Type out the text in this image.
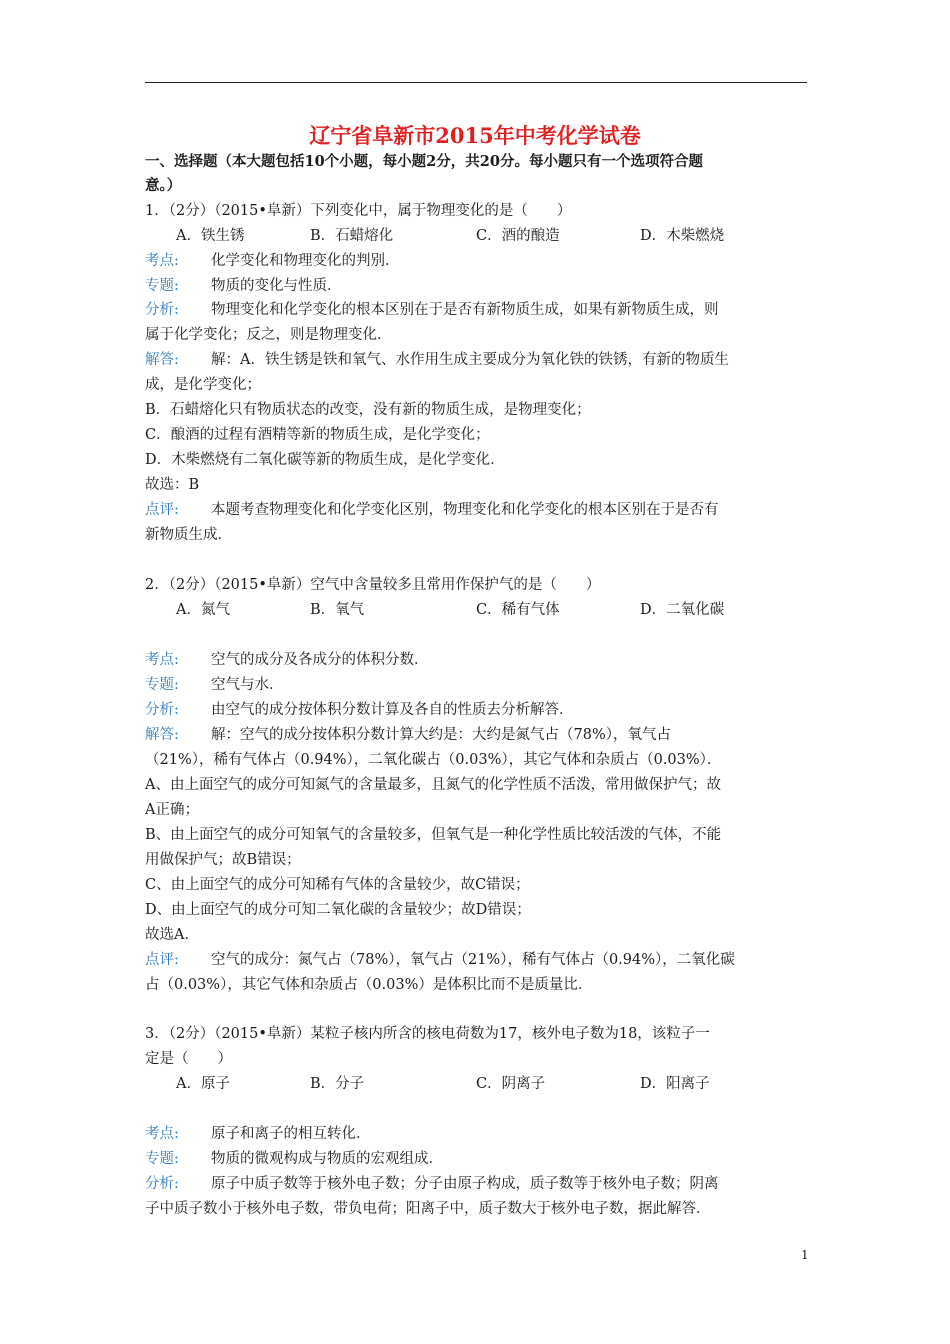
辽宁省阜新市2015年中考化学试卷
一、选择题（本大题包括10个小题，每小题2分，共20分。每小题只有一个选项符合题
意。）
1．（2分）（2015•阜新）下列变化中，属于物理变化的是（　　）
A．铁生锈	B．石蜡熔化	C．酒的酿造	D．木柴燃烧
考点: 化学变化和物理变化的判别．
专题: 物质的变化与性质．
分析: 物理变化和化学变化的根本区别在于是否有新物质生成，如果有新物质生成，则
属于化学变化；反之，则是物理变化．
解答: 解：A．铁生锈是铁和氧气、水作用生成主要成分为氧化铁的铁锈，有新的物质生
成，是化学变化；
B．石蜡熔化只有物质状态的改变，没有新的物质生成，是物理变化；
C．酿酒的过程有酒精等新的物质生成，是化学变化；
D．木柴燃烧有二氧化碳等新的物质生成，是化学变化．
故选：B
点评: 本题考查物理变化和化学变化区别，物理变化和化学变化的根本区别在于是否有
新物质生成．
2．（2分）（2015•阜新）空气中含量较多且常用作保护气的是（　　）
A．氮气	B．氧气	C．稀有气体	D．二氧化碳
考点: 空气的成分及各成分的体积分数．
专题: 空气与水．
分析: 由空气的成分按体积分数计算及各自的性质去分析解答．
解答: 解：空气的成分按体积分数计算大约是：大约是氮气占（78%），氧气占
（21%），稀有气体占（0.94%），二氧化碳占（0.03%），其它气体和杂质占（0.03%）．
A、由上面空气的成分可知氮气的含量最多，且氮气的化学性质不活泼，常用做保护气；故
A正确；
B、由上面空气的成分可知氧气的含量较多，但氧气是一种化学性质比较活泼的气体，不能
用做保护气；故B错误；
C、由上面空气的成分可知稀有气体的含量较少，故C错误；
D、由上面空气的成分可知二氧化碳的含量较少；故D错误；
故选A．
点评: 空气的成分：氮气占（78%），氧气占（21%），稀有气体占（0.94%），二氧化碳
占（0.03%），其它气体和杂质占（0.03%）是体积比而不是质量比．
3．（2分）（2015•阜新）某粒子核内所含的核电荷数为17，核外电子数为18，该粒子一
定是（　　）
A．原子	B．分子	C．阴离子	D．阳离子
考点: 原子和离子的相互转化．
专题: 物质的微观构成与物质的宏观组成．
分析: 原子中质子数等于核外电子数；分子由原子构成，质子数等于核外电子数；阴离
子中质子数小于核外电子数，带负电荷；阳离子中，质子数大于核外电子数，据此解答．
1
